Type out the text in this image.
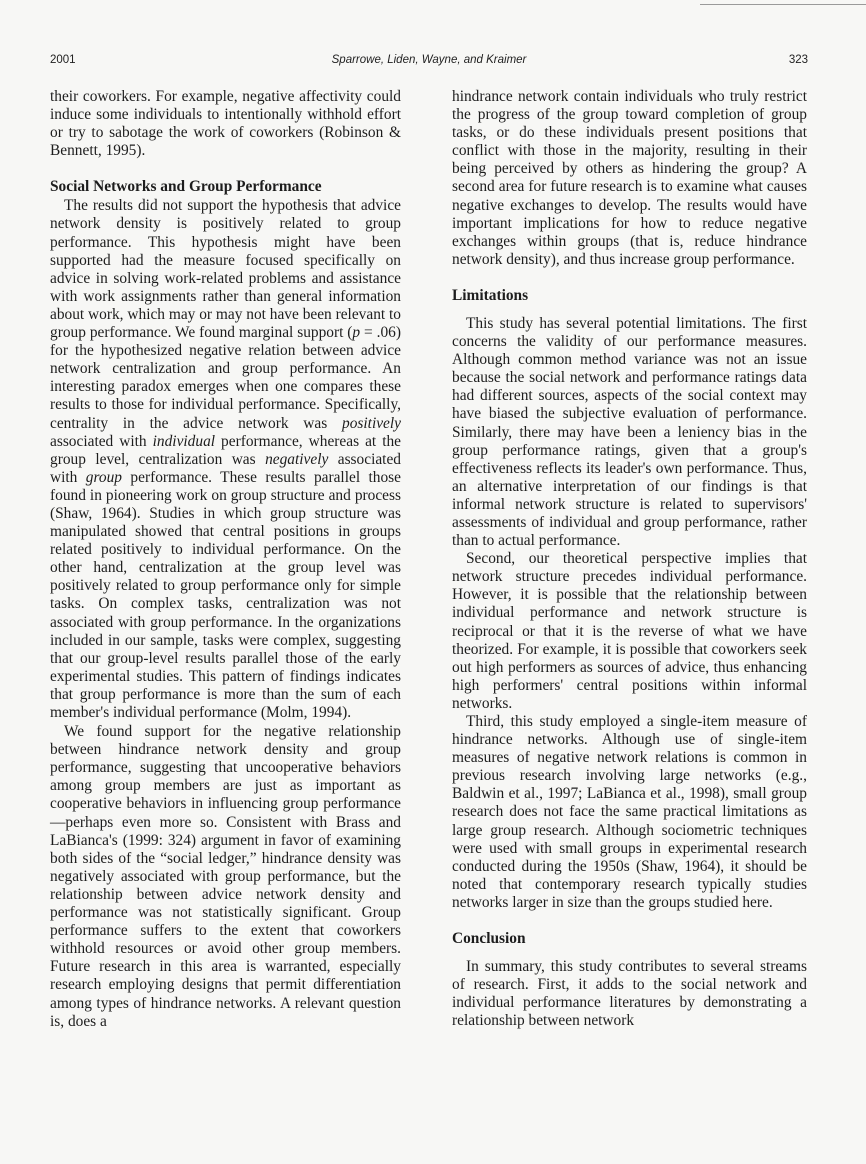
2001	Sparrowe, Liden, Wayne, and Kraimer	323

their coworkers. For example, negative affectivity could induce some individuals to intentionally withhold effort or try to sabotage the work of coworkers (Robinson & Bennett, 1995).

Social Networks and Group Performance

The results did not support the hypothesis that advice network density is positively related to group performance. This hypothesis might have been supported had the measure focused specifically on advice in solving work-related problems and assistance with work assignments rather than general information about work, which may or may not have been relevant to group performance. We found marginal support (p = .06) for the hypothesized negative relation between advice network centralization and group performance. An interesting paradox emerges when one compares these results to those for individual performance. Specifically, centrality in the advice network was positively associated with individual performance, whereas at the group level, centralization was negatively associated with group performance. These results parallel those found in pioneering work on group structure and process (Shaw, 1964). Studies in which group structure was manipulated showed that central positions in groups related positively to individual performance. On the other hand, centralization at the group level was positively related to group performance only for simple tasks. On complex tasks, centralization was not associated with group performance. In the organizations included in our sample, tasks were complex, suggesting that our group-level results parallel those of the early experimental studies. This pattern of findings indicates that group performance is more than the sum of each member's individual performance (Molm, 1994).

We found support for the negative relationship between hindrance network density and group performance, suggesting that uncooperative behaviors among group members are just as important as cooperative behaviors in influencing group performance—perhaps even more so. Consistent with Brass and LaBianca's (1999: 324) argument in favor of examining both sides of the “social ledger,” hindrance density was negatively associated with group performance, but the relationship between advice network density and performance was not statistically significant. Group performance suffers to the extent that coworkers withhold resources or avoid other group members. Future research in this area is warranted, especially research employing designs that permit differentiation among types of hindrance networks. A relevant question is, does a

hindrance network contain individuals who truly restrict the progress of the group toward completion of group tasks, or do these individuals present positions that conflict with those in the majority, resulting in their being perceived by others as hindering the group? A second area for future research is to examine what causes negative exchanges to develop. The results would have important implications for how to reduce negative exchanges within groups (that is, reduce hindrance network density), and thus increase group performance.

Limitations

This study has several potential limitations. The first concerns the validity of our performance measures. Although common method variance was not an issue because the social network and performance ratings data had different sources, aspects of the social context may have biased the subjective evaluation of performance. Similarly, there may have been a leniency bias in the group performance ratings, given that a group's effectiveness reflects its leader's own performance. Thus, an alternative interpretation of our findings is that informal network structure is related to supervisors' assessments of individual and group performance, rather than to actual performance.

Second, our theoretical perspective implies that network structure precedes individual performance. However, it is possible that the relationship between individual performance and network structure is reciprocal or that it is the reverse of what we have theorized. For example, it is possible that coworkers seek out high performers as sources of advice, thus enhancing high performers' central positions within informal networks.

Third, this study employed a single-item measure of hindrance networks. Although use of single-item measures of negative network relations is common in previous research involving large networks (e.g., Baldwin et al., 1997; LaBianca et al., 1998), small group research does not face the same practical limitations as large group research. Although sociometric techniques were used with small groups in experimental research conducted during the 1950s (Shaw, 1964), it should be noted that contemporary research typically studies networks larger in size than the groups studied here.

Conclusion

In summary, this study contributes to several streams of research. First, it adds to the social network and individual performance literatures by demonstrating a relationship between network
